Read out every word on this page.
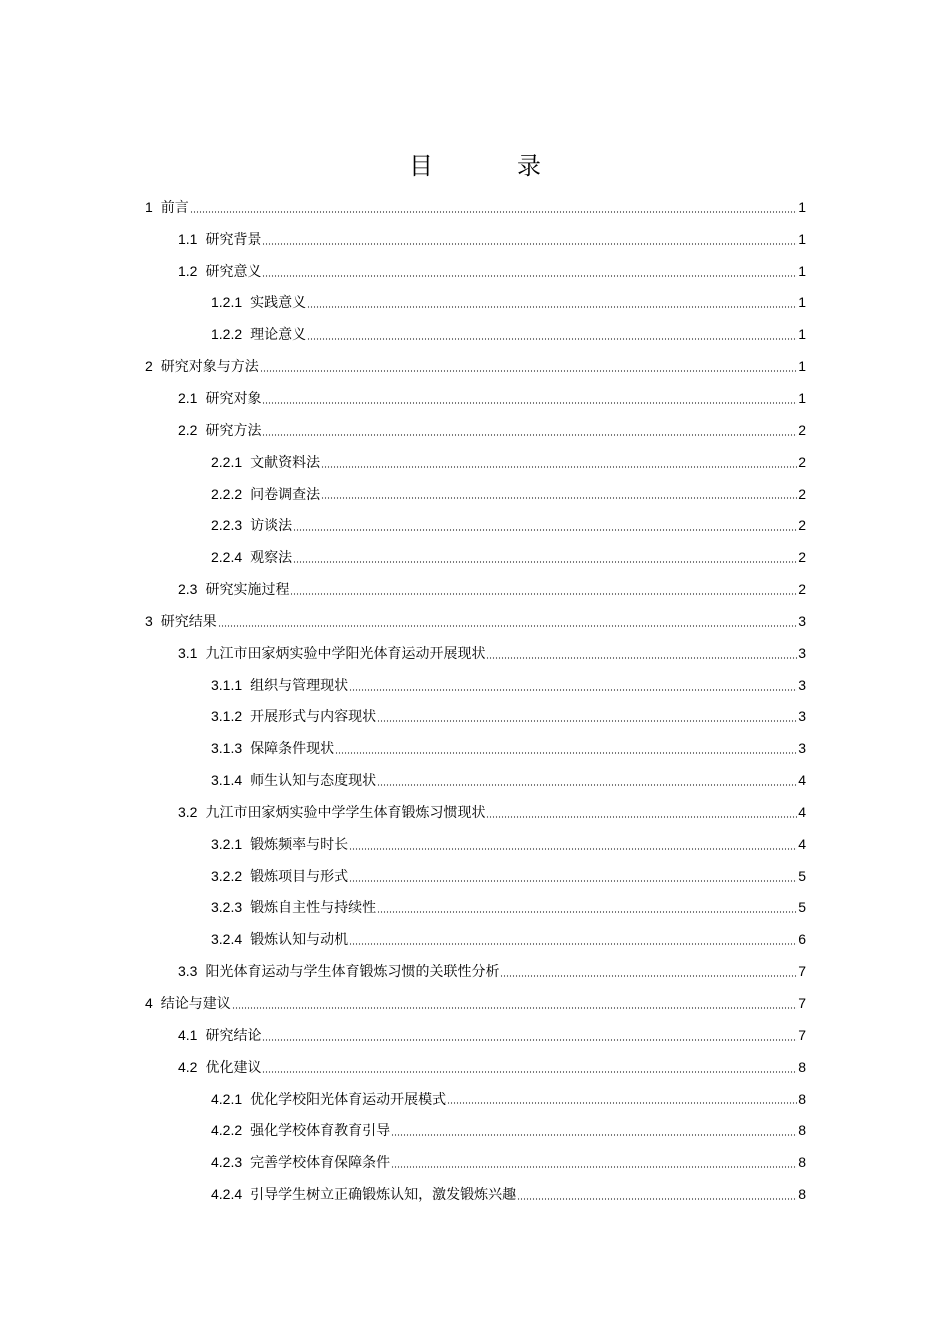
目　录
1 前言	1
1.1 研究背景	1
1.2 研究意义	1
1.2.1 实践意义	1
1.2.2 理论意义	1
2 研究对象与方法	1
2.1 研究对象	1
2.2 研究方法	2
2.2.1 文献资料法	2
2.2.2 问卷调查法	2
2.2.3 访谈法	2
2.2.4 观察法	2
2.3 研究实施过程	2
3 研究结果	3
3.1 九江市田家炳实验中学阳光体育运动开展现状	3
3.1.1 组织与管理现状	3
3.1.2 开展形式与内容现状	3
3.1.3 保障条件现状	3
3.1.4 师生认知与态度现状	4
3.2 九江市田家炳实验中学学生体育锻炼习惯现状	4
3.2.1 锻炼频率与时长	4
3.2.2 锻炼项目与形式	5
3.2.3 锻炼自主性与持续性	5
3.2.4 锻炼认知与动机	6
3.3 阳光体育运动与学生体育锻炼习惯的关联性分析	7
4 结论与建议	7
4.1 研究结论	7
4.2 优化建议	8
4.2.1 优化学校阳光体育运动开展模式	8
4.2.2 强化学校体育教育引导	8
4.2.3 完善学校体育保障条件	8
4.2.4 引导学生树立正确锻炼认知，激发锻炼兴趣	8
